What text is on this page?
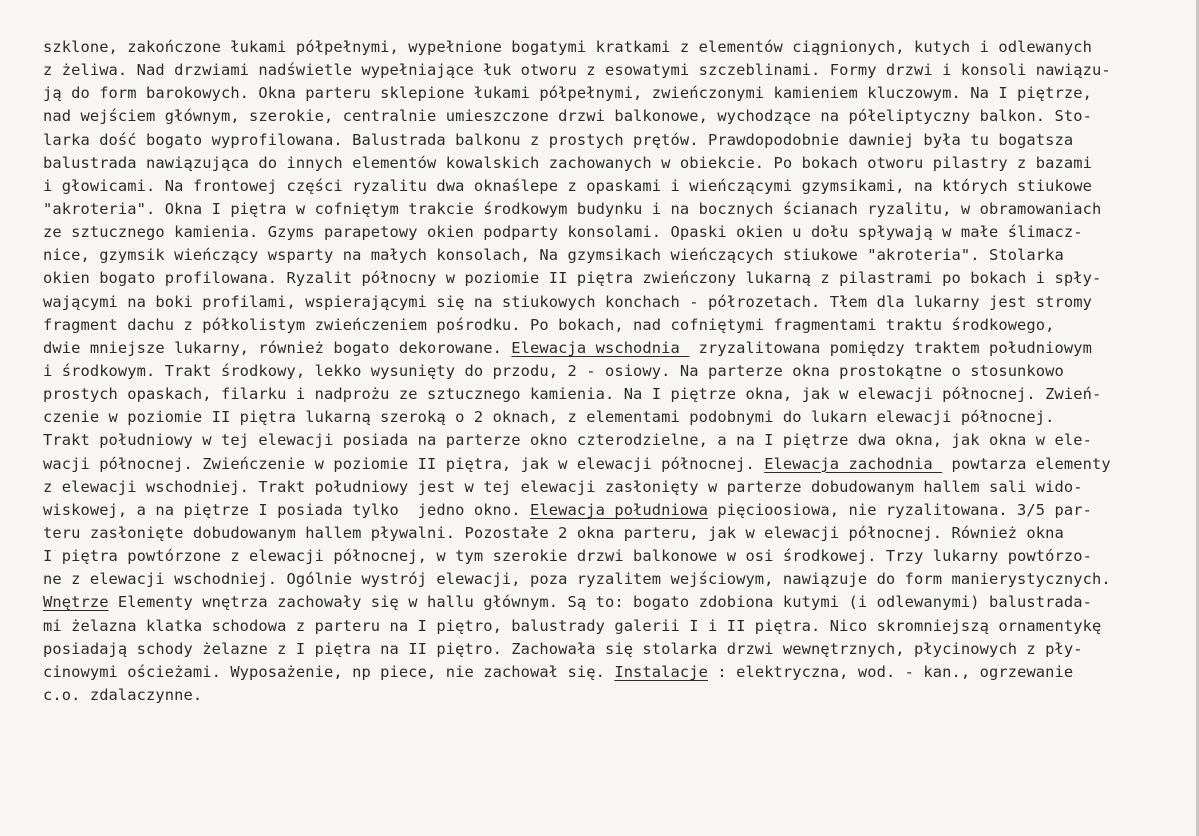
szklone, zakończone łukami półpełnymi, wypełnione bogatymi kratkami z elementów ciągnionych, kutych i odlewanych
z żeliwa. Nad drzwiami nadświetle wypełniające łuk otworu z esowatymi szczeblinami. Formy drzwi i konsoli nawiązu-
ją do form barokowych. Okna parteru sklepione łukami półpełnymi, zwieńczonymi kamieniem kluczowym. Na I piętrze,
nad wejściem głównym, szerokie, centralnie umieszczone drzwi balkonowe, wychodzące na półeliptyczny balkon. Sto-
larka dość bogato wyprofilowana. Balustrada balkonu z prostych prętów. Prawdopodobnie dawniej była tu bogatsza
balustrada nawiązująca do innych elementów kowalskich zachowanych w obiekcie. Po bokach otworu pilastry z bazami
i głowicami. Na frontowej części ryzalitu dwa oknaślepe z opaskami i wieńczącymi gzymsikami, na których stiukowe
"akroteria". Okna I piętra w cofniętym trakcie środkowym budynku i na bocznych ścianach ryzalitu, w obramowaniach
ze sztucznego kamienia. Gzyms parapetowy okien podparty konsolami. Opaski okien u dołu spływają w małe ślimacz-
nice, gzymsik wieńczący wsparty na małych konsolach, Na gzymsikach wieńczących stiukowe "akroteria". Stolarka
okien bogato profilowana. Ryzalit północny w poziomie II piętra zwieńczony lukarną z pilastrami po bokach i spły-
wającymi na boki profilami, wspierającymi się na stiukowych konchach - półrozetach. Tłem dla lukarny jest stromy
fragment dachu z półkolistym zwieńczeniem pośrodku. Po bokach, nad cofniętymi fragmentami traktu środkowego,
dwie mniejsze lukarny, również bogato dekorowane. Elewacja wschodnia  zryzalitowana pomiędzy traktem południowym
i środkowym. Trakt środkowy, lekko wysunięty do przodu, 2 - osiowy. Na parterze okna prostokątne o stosunkowo
prostych opaskach, filarku i nadprożu ze sztucznego kamienia. Na I piętrze okna, jak w elewacji północnej. Zwień-
czenie w poziomie II piętra lukarną szeroką o 2 oknach, z elementami podobnymi do lukarn elewacji północnej.
Trakt południowy w tej elewacji posiada na parterze okno czterodzielne, a na I piętrze dwa okna, jak okna w ele-
wacji północnej. Zwieńczenie w poziomie II piętra, jak w elewacji północnej. Elewacja zachodnia  powtarza elementy
z elewacji wschodniej. Trakt południowy jest w tej elewacji zasłonięty w parterze dobudowanym hallem sali wido-
wiskowej, a na piętrze I posiada tylko  jedno okno. Elewacja południowa pięcioosiowa, nie ryzalitowana. 3/5 par-
teru zasłonięte dobudowanym hallem pływalni. Pozostałe 2 okna parteru, jak w elewacji północnej. Również okna
I piętra powtórzone z elewacji północnej, w tym szerokie drzwi balkonowe w osi środkowej. Trzy lukarny powtórzo-
ne z elewacji wschodniej. Ogólnie wystrój elewacji, poza ryzalitem wejściowym, nawiązuje do form manierystycznych.
Wnętrze Elementy wnętrza zachowały się w hallu głównym. Są to: bogato zdobiona kutymi (i odlewanymi) balustrada-
mi żelazna klatka schodowa z parteru na I piętro, balustrady galerii I i II piętra. Nico skromniejszą ornamentykę
posiadają schody żelazne z I piętra na II piętro. Zachowała się stolarka drzwi wewnętrznych, płycinowych z pły-
cinowymi ościeżami. Wyposażenie, np piece, nie zachował się. Instalacje : elektryczna, wod. - kan., ogrzewanie
c.o. zdalaczynne.
